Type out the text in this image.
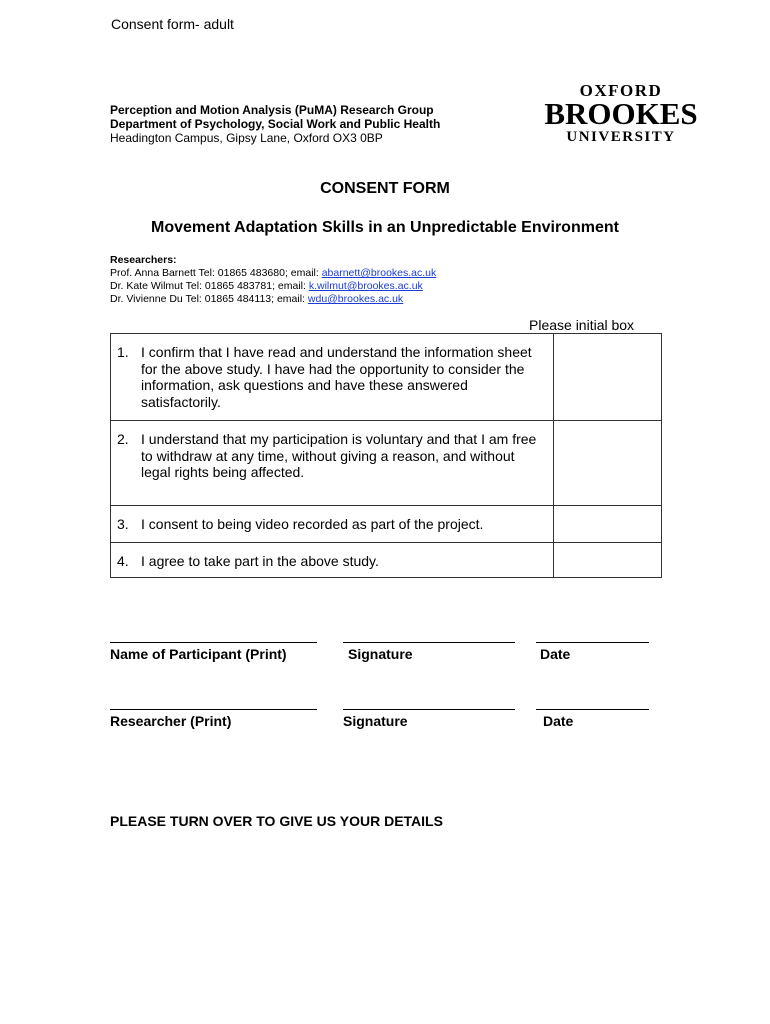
Consent form- adult
Perception and Motion Analysis (PuMA) Research Group
Department of Psychology, Social Work and Public Health
Headington Campus, Gipsy Lane, Oxford OX3 0BP
OXFORD
BROOKES
UNIVERSITY
CONSENT FORM
Movement Adaptation Skills in an Unpredictable Environment
Researchers:
Prof. Anna Barnett Tel: 01865 483680; email: abarnett@brookes.ac.uk
Dr. Kate Wilmut Tel: 01865 483781; email: k.wilmut@brookes.ac.uk
Dr. Vivienne Du Tel: 01865 484113; email: wdu@brookes.ac.uk
Please initial box
1. I confirm that I have read and understand the information sheet for the above study. I have had the opportunity to consider the information, ask questions and have these answered satisfactorily.	

2. I understand that my participation is voluntary and that I am free to withdraw at any time, without giving a reason, and without legal rights being affected.	

3. I consent to being video recorded as part of the project.	

4. I agree to take part in the above study.	

Name of Participant (Print)	Signature	Date
Researcher (Print)	Signature	Date
PLEASE TURN OVER TO GIVE US YOUR DETAILS
